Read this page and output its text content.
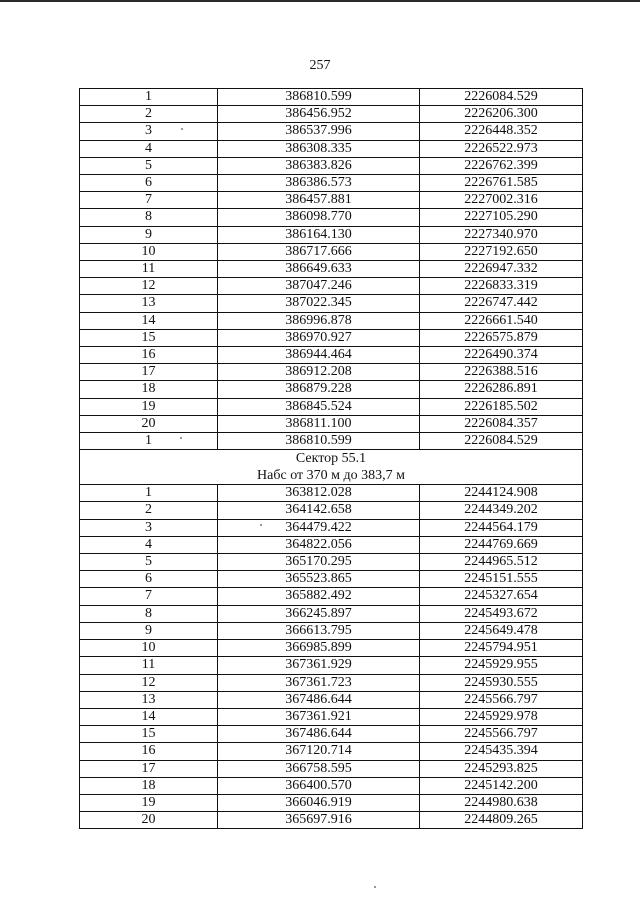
257
1	386810.599	2226084.529
2	386456.952	2226206.300
3	386537.996	2226448.352
4	386308.335	2226522.973
5	386383.826	2226762.399
6	386386.573	2226761.585
7	386457.881	2227002.316
8	386098.770	2227105.290
9	386164.130	2227340.970
10	386717.666	2227192.650
11	386649.633	2226947.332
12	387047.246	2226833.319
13	387022.345	2226747.442
14	386996.878	2226661.540
15	386970.927	2226575.879
16	386944.464	2226490.374
17	386912.208	2226388.516
18	386879.228	2226286.891
19	386845.524	2226185.502
20	386811.100	2226084.357
1	386810.599	2226084.529

Сектор 55.1
Набс от 370 м до 383,7 м		

1	363812.028	2244124.908
2	364142.658	2244349.202
3	364479.422	2244564.179
4	364822.056	2244769.669
5	365170.295	2244965.512
6	365523.865	2245151.555
7	365882.492	2245327.654
8	366245.897	2245493.672
9	366613.795	2245649.478
10	366985.899	2245794.951
11	367361.929	2245929.955
12	367361.723	2245930.555
13	367486.644	2245566.797
14	367361.921	2245929.978
15	367486.644	2245566.797
16	367120.714	2245435.394
17	366758.595	2245293.825
18	366400.570	2245142.200
19	366046.919	2244980.638
20	365697.916	2244809.265
